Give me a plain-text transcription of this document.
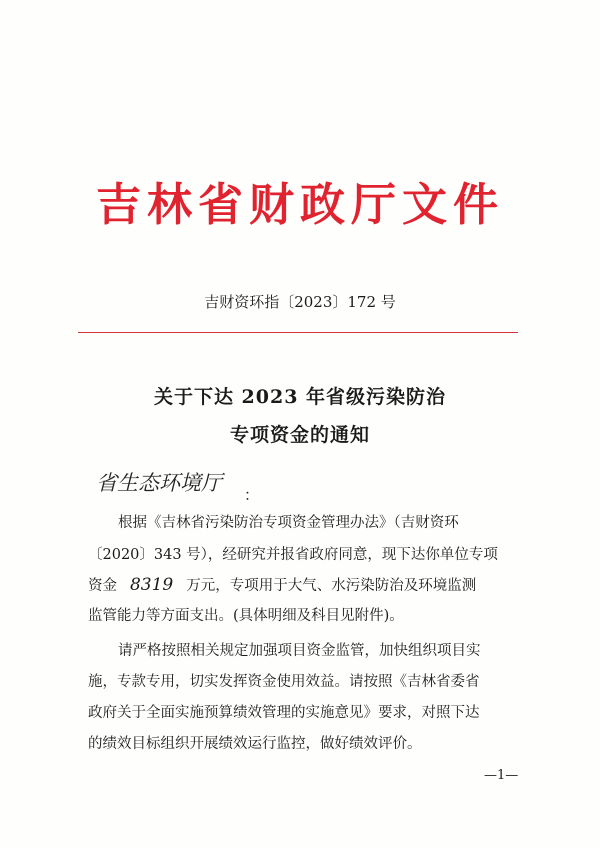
吉林省财政厅文件
吉财资环指〔2023〕172 号
关于下达 2023 年省级污染防治
专项资金的通知
省生态环境厅 ：
根据《吉林省污染防治专项资金管理办法》（吉财资环
〔2020〕343 号），经研究并报省政府同意，现下达你单位专项
资金 8319 万元，专项用于大气、水污染防治及环境监测
监管能力等方面支出。(具体明细及科目见附件)。
请严格按照相关规定加强项目资金监管，加快组织项目实
施，专款专用，切实发挥资金使用效益。请按照《吉林省委省
政府关于全面实施预算绩效管理的实施意见》要求，对照下达
的绩效目标组织开展绩效运行监控，做好绩效评价。
—1—
